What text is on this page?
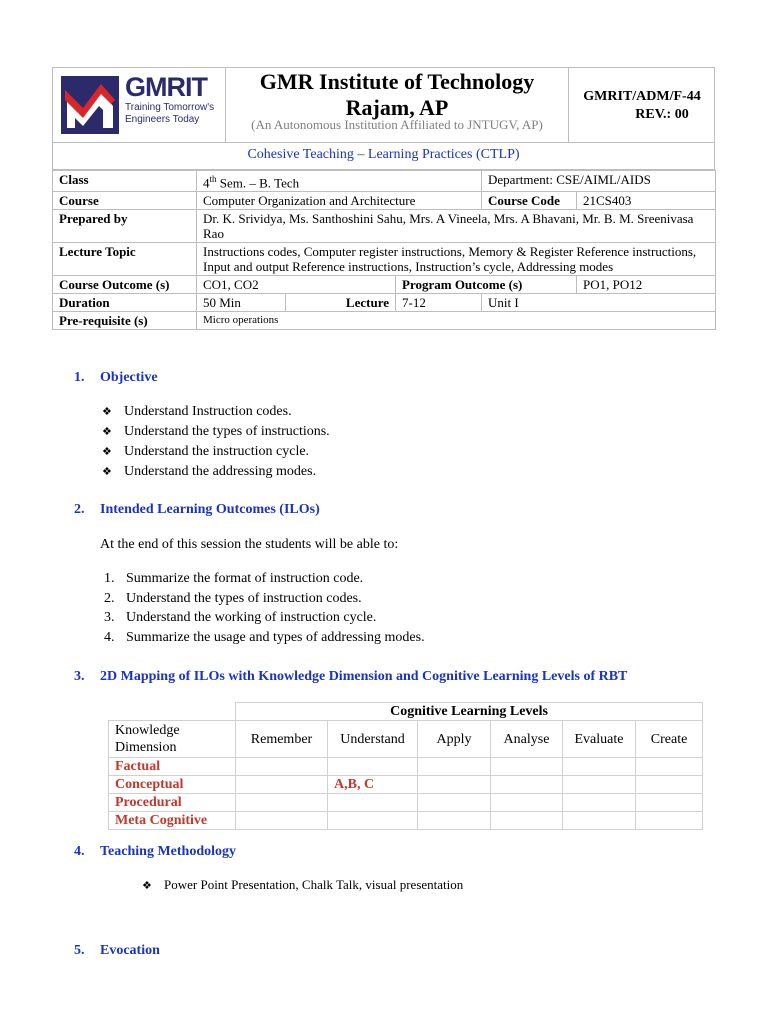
GMRIT
Training Tomorrow's
Engineers Today
GMR Institute of Technology
Rajam, AP
(An Autonomous Institution Affiliated to JNTUGV, AP)
GMRIT/ADM/F-44
REV.: 00
Cohesive Teaching – Learning Practices (CTLP)
Class	4th Sem. – B. Tech			Department: CSE/AIML/AIDS	
Course	Computer Organization and Architecture			Course Code	21CS403
Prepared by	Dr. K. Srividya, Ms. Santhoshini Sahu, Mrs. A Vineela, Mrs. A Bhavani, Mr. B. M. Sreenivasa Rao				
Lecture Topic	Instructions codes, Computer register instructions, Memory & Register Reference instructions, Input and output Reference instructions, Instruction’s cycle, Addressing modes				
Course Outcome (s)	CO1, CO2		Program Outcome (s)		PO1, PO12
Duration	50 Min	Lecture	7-12	Unit I	
Pre-requisite (s)	Micro operations				
1. Objective
❖ Understand Instruction codes.
❖ Understand the types of instructions.
❖ Understand the instruction cycle.
❖ Understand the addressing modes.
2. Intended Learning Outcomes (ILOs)
At the end of this session the students will be able to:
1. Summarize the format of instruction code.
2. Understand the types of instruction codes.
3. Understand the working of instruction cycle.
4. Summarize the usage and types of addressing modes.
3. 2D Mapping of ILOs with Knowledge Dimension and Cognitive Learning Levels of RBT
	Cognitive Learning Levels					
Knowledge Dimension	Remember	Understand	Apply	Analyse	Evaluate	Create
Factual						
Conceptual		A,B, C				
Procedural						
Meta Cognitive						
4. Teaching Methodology
❖ Power Point Presentation, Chalk Talk, visual presentation
5. Evocation
